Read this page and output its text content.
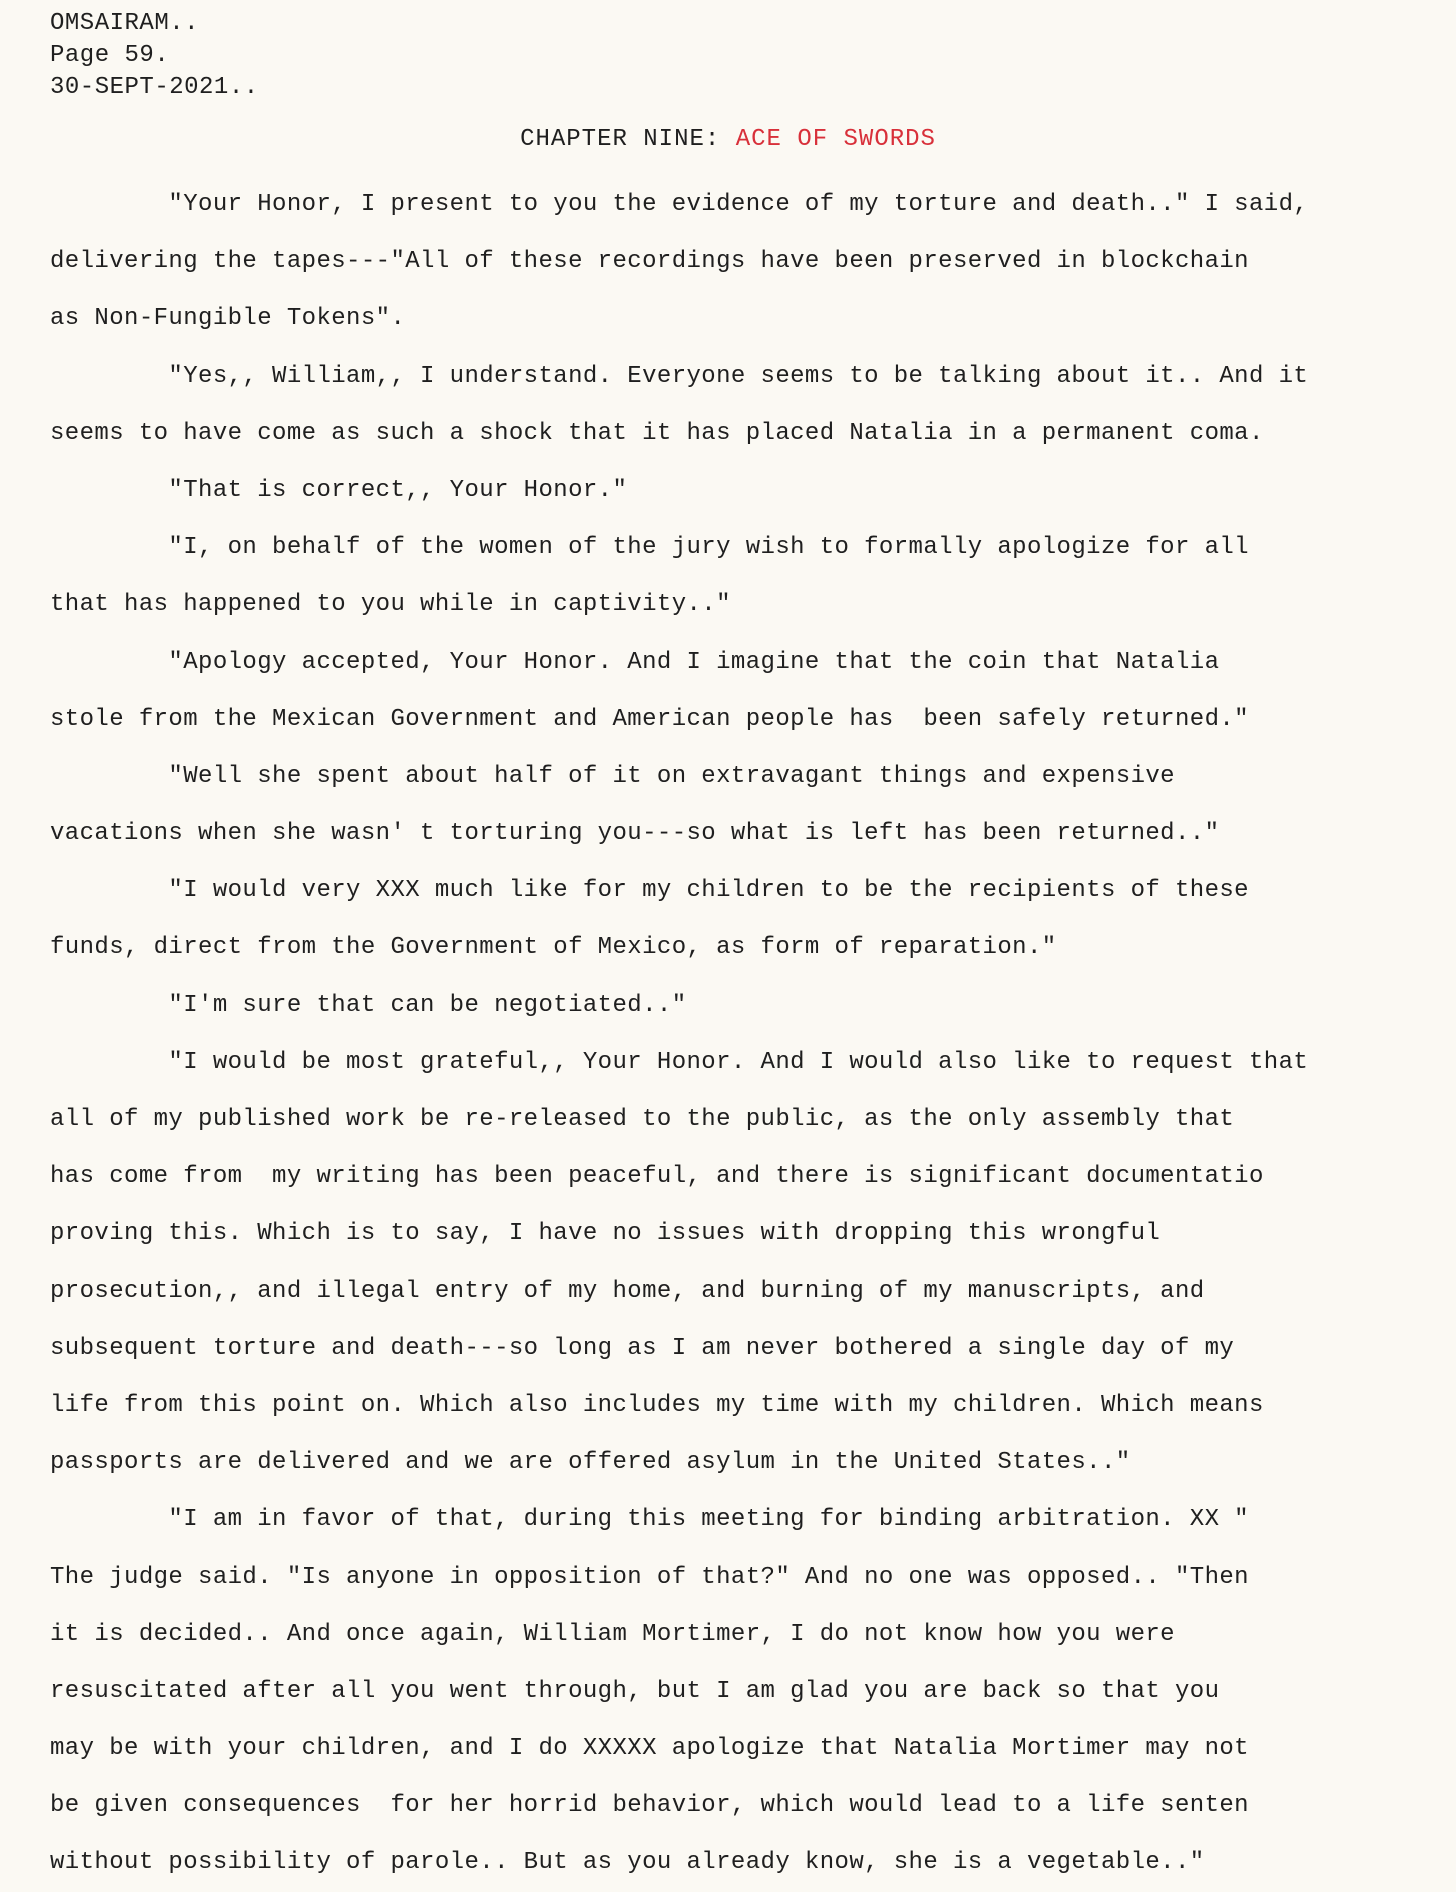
OMSAIRAM..
Page 59.
30-SEPT-2021..
CHAPTER NINE: ACE OF SWORDS
"Your Honor, I present to you the evidence of my torture and death.." I said,
delivering the tapes---"All of these recordings have been preserved in blockchain
as Non-Fungible Tokens".
"Yes,, William,, I understand. Everyone seems to be talking about it.. And it
seems to have come as such a shock that it has placed Natalia in a permanent coma.
"That is correct,, Your Honor."
"I, on behalf of the women of the jury wish to formally apologize for all
that has happened to you while in captivity.."
"Apology accepted, Your Honor. And I imagine that the coin that Natalia
stole from the Mexican Government and American people has  been safely returned."
"Well she spent about half of it on extravagant things and expensive
vacations when she wasn' t torturing you---so what is left has been returned.."
"I would very XXX much like for my children to be the recipients of these
funds, direct from the Government of Mexico, as form of reparation."
"I'm sure that can be negotiated.."
"I would be most grateful,, Your Honor. And I would also like to request that
all of my published work be re-released to the public, as the only assembly that
has come from  my writing has been peaceful, and there is significant documentatio
proving this. Which is to say, I have no issues with dropping this wrongful
prosecution,, and illegal entry of my home, and burning of my manuscripts, and
subsequent torture and death---so long as I am never bothered a single day of my
life from this point on. Which also includes my time with my children. Which means
passports are delivered and we are offered asylum in the United States.."
"I am in favor of that, during this meeting for binding arbitration. XX "
The judge said. "Is anyone in opposition of that?" And no one was opposed.. "Then
it is decided.. And once again, William Mortimer, I do not know how you were
resuscitated after all you went through, but I am glad you are back so that you
may be with your children, and I do XXXXX apologize that Natalia Mortimer may not
be given consequences  for her horrid behavior, which would lead to a life senten
without possibility of parole.. But as you already know, she is a vegetable.."
